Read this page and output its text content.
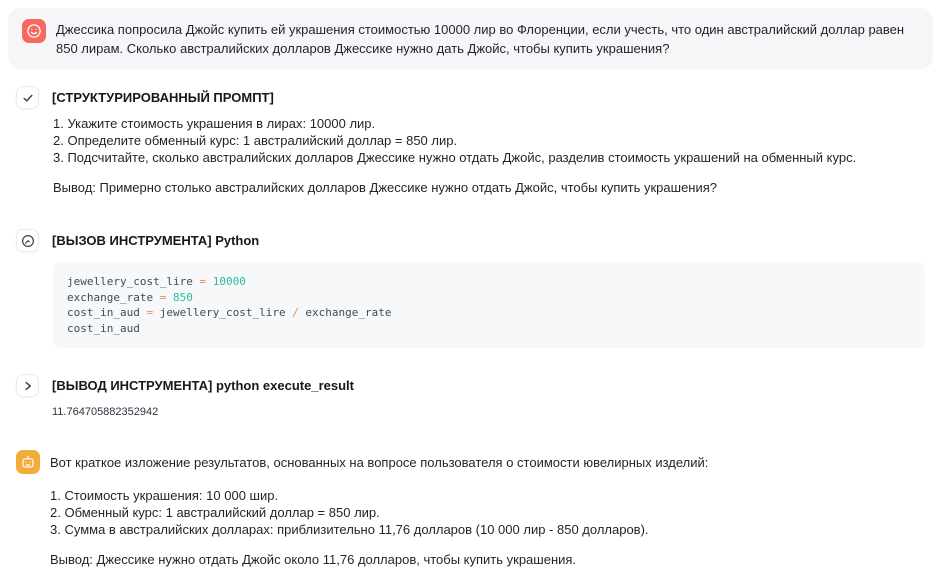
Джессика попросила Джойс купить ей украшения стоимостью 10000 лир во Флоренции, если учесть, что один австралийский доллар равен 850 лирам. Сколько австралийских долларов Джессике нужно дать Джойс, чтобы купить украшения?
[СТРУКТУРИРОВАННЫЙ ПРОМПТ]
1. Укажите стоимость украшения в лирах: 10000 лир.
2. Определите обменный курс: 1 австралийский доллар = 850 лир.
3. Подсчитайте, сколько австралийских долларов Джессике нужно отдать Джойс, разделив стоимость украшений на обменный курс.
Вывод: Примерно столько австралийских долларов Джессике нужно отдать Джойс, чтобы купить украшения?
[ВЫЗОВ ИНСТРУМЕНТА] Python
jewellery_cost_lire = 10000
exchange_rate = 850
cost_in_aud = jewellery_cost_lire / exchange_rate
cost_in_aud
[ВЫВОД ИНСТРУМЕНТА] python execute_result
11.764705882352942
Вот краткое изложение результатов, основанных на вопросе пользователя о стоимости ювелирных изделий:
1. Стоимость украшения: 10 000 шир.
2. Обменный курс: 1 австралийский доллар = 850 лир.
3. Сумма в австралийских долларах: приблизительно 11,76 долларов (10 000 лир - 850 долларов).
Вывод: Джессике нужно отдать Джойс около 11,76 долларов, чтобы купить украшения.
